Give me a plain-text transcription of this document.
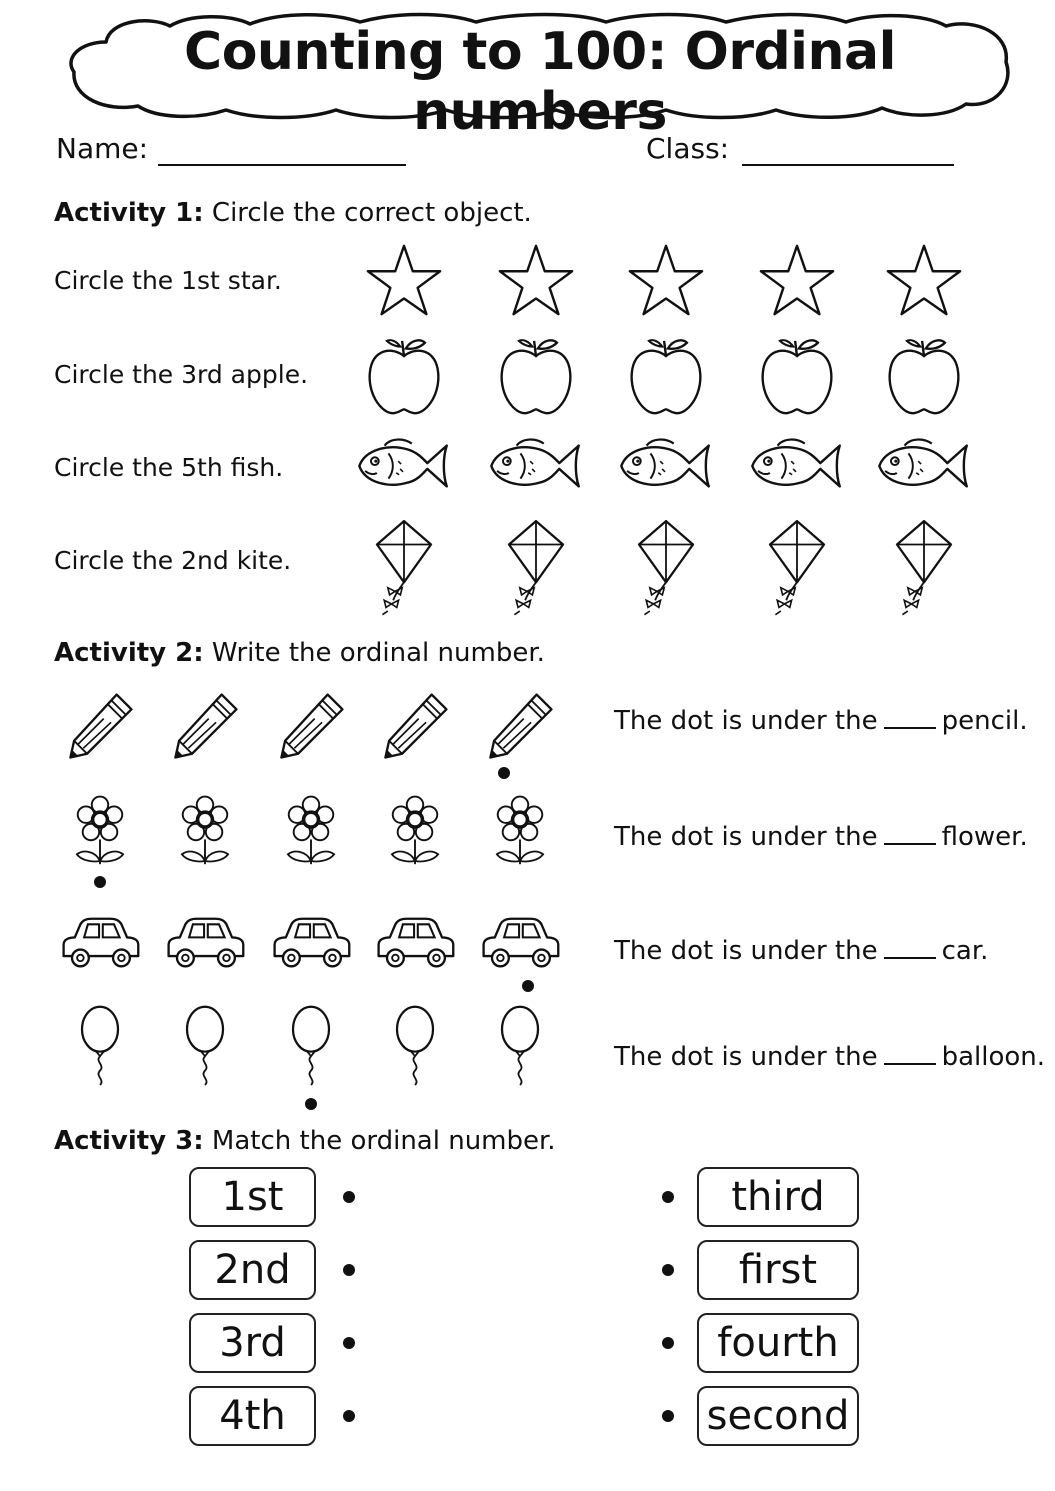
Counting to 100: Ordinal numbers
Name:	Class:
Activity 1: Circle the correct object.
Circle the 1st star.
Circle the 3rd apple.
Circle the 5th fish.
Circle the 2nd kite.
Activity 2: Write the ordinal number.
The dot is under the pencil.
The dot is under the flower.
The dot is under the car.
The dot is under the balloon.
Activity 3: Match the ordinal number.
1st
2nd
3rd
4th
third
first
fourth
second
